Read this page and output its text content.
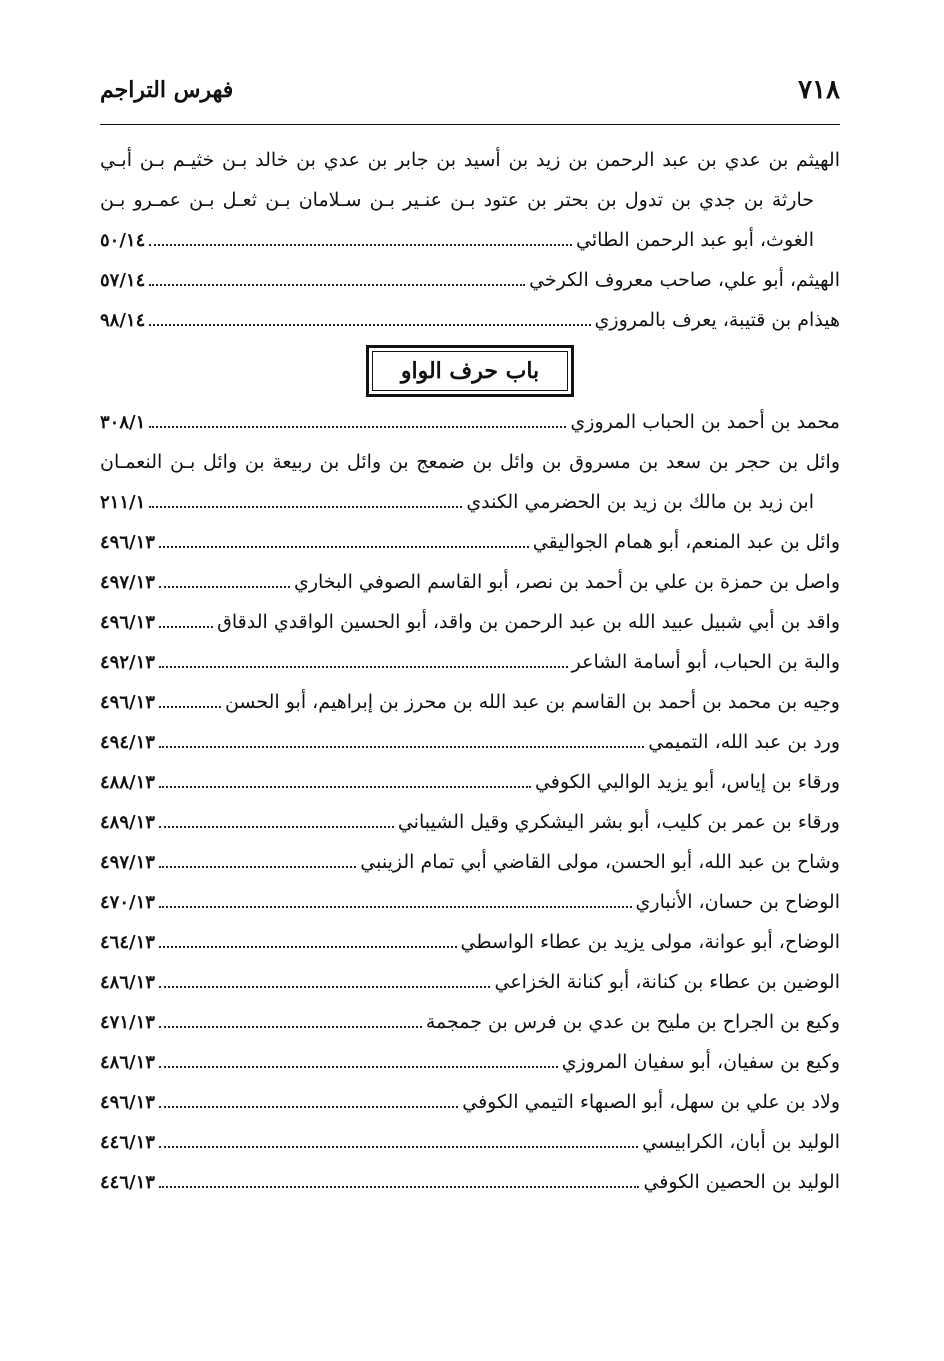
٧١٨
فهرس التراجم
الهيثم بن عدي بن عبد الرحمن بن زيد بن أسيد بن جابر بن عدي بن خالد بـن خثيـم بـن أبـي
حارثة بن جدي بن تدول بن بحتر بن عتود بـن عنـير بـن سـلامان بـن ثعـل بـن عمـرو بـن
الغوث، أبو عبد الرحمن الطائي
٥٠/١٤
الهيثم، أبو علي، صاحب معروف الكرخي
٥٧/١٤
هيذام بن قتيبة، يعرف بالمروزي
٩٨/١٤
باب حرف الواو
محمد بن أحمد بن الحباب المروزي
٣٠٨/١
وائل بن حجر بن سعد بن مسروق بن وائل بن ضمعج بن وائل بن ربيعة بن وائل بـن النعمـان
ابن زيد بن مالك بن زيد بن الحضرمي الكندي
٢١١/١
وائل بن عبد المنعم، أبو همام الجواليقي
٤٩٦/١٣
واصل بن حمزة بن علي بن أحمد بن نصر، أبو القاسم الصوفي البخاري
٤٩٧/١٣
واقد بن أبي شبيل عبيد الله بن عبد الرحمن بن واقد، أبو الحسين الواقدي الدقاق
٤٩٦/١٣
والبة بن الحباب، أبو أسامة الشاعر
٤٩٢/١٣
وجيه بن محمد بن أحمد بن القاسم بن عبد الله بن محرز بن إبراهيم، أبو الحسن
٤٩٦/١٣
ورد بن عبد الله، التميمي
٤٩٤/١٣
ورقاء بن إياس، أبو يزيد الوالبي الكوفي
٤٨٨/١٣
ورقاء بن عمر بن كليب، أبو بشر اليشكري وقيل الشيباني
٤٨٩/١٣
وشاح بن عبد الله، أبو الحسن، مولى القاضي أبي تمام الزينبي
٤٩٧/١٣
الوضاح بن حسان، الأنباري
٤٧٠/١٣
الوضاح، أبو عوانة، مولى يزيد بن عطاء الواسطي
٤٦٤/١٣
الوضين بن عطاء بن كنانة، أبو كنانة الخزاعي
٤٨٦/١٣
وكيع بن الجراح بن مليح بن عدي بن فرس بن جمجمة
٤٧١/١٣
وكيع بن سفيان، أبو سفيان المروزي
٤٨٦/١٣
ولاد بن علي بن سهل، أبو الصبهاء التيمي الكوفي
٤٩٦/١٣
الوليد بن أبان، الكرابيسي
٤٤٦/١٣
الوليد بن الحصين الكوفي
٤٤٦/١٣
